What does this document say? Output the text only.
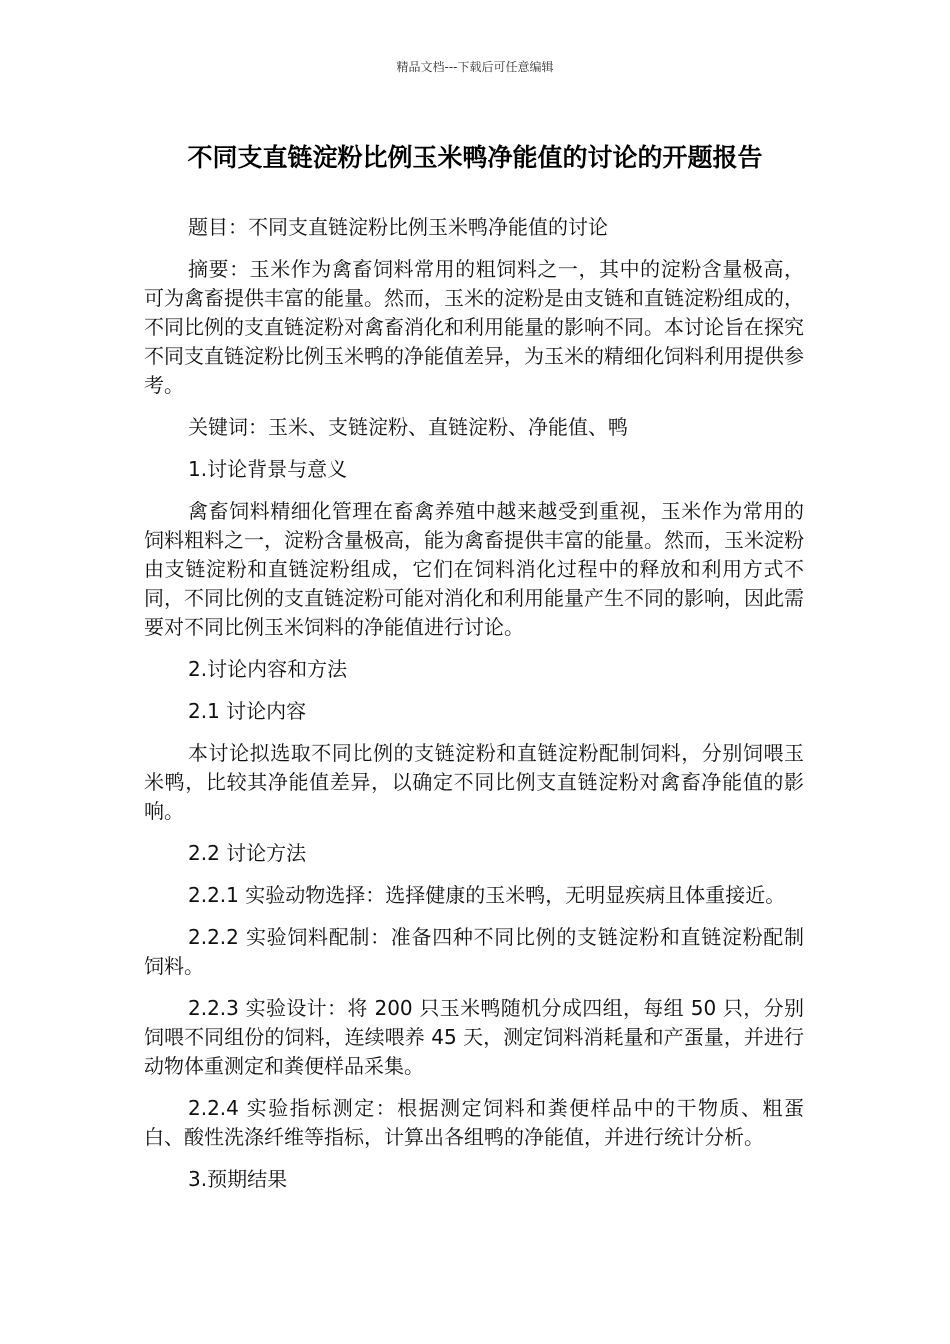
精品文档---下载后可任意编辑
不同支直链淀粉比例玉米鸭净能值的讨论的开题报告

题目：不同支直链淀粉比例玉米鸭净能值的讨论

摘要：玉米作为禽畜饲料常用的粗饲料之一，其中的淀粉含量极高，可为禽畜提供丰富的能量。然而，玉米的淀粉是由支链和直链淀粉组成的，不同比例的支直链淀粉对禽畜消化和利用能量的影响不同。本讨论旨在探究不同支直链淀粉比例玉米鸭的净能值差异，为玉米的精细化饲料利用提供参考。

关键词：玉米、支链淀粉、直链淀粉、净能值、鸭

1.讨论背景与意义

禽畜饲料精细化管理在畜禽养殖中越来越受到重视，玉米作为常用的饲料粗料之一，淀粉含量极高，能为禽畜提供丰富的能量。然而，玉米淀粉由支链淀粉和直链淀粉组成，它们在饲料消化过程中的释放和利用方式不同，不同比例的支直链淀粉可能对消化和利用能量产生不同的影响，因此需要对不同比例玉米饲料的净能值进行讨论。

2.讨论内容和方法

2.1 讨论内容

本讨论拟选取不同比例的支链淀粉和直链淀粉配制饲料，分别饲喂玉米鸭，比较其净能值差异，以确定不同比例支直链淀粉对禽畜净能值的影响。

2.2 讨论方法

2.2.1 实验动物选择：选择健康的玉米鸭，无明显疾病且体重接近。

2.2.2 实验饲料配制：准备四种不同比例的支链淀粉和直链淀粉配制饲料。

2.2.3 实验设计：将 200 只玉米鸭随机分成四组，每组 50 只，分别饲喂不同组份的饲料，连续喂养 45 天，测定饲料消耗量和产蛋量，并进行动物体重测定和粪便样品采集。

2.2.4 实验指标测定：根据测定饲料和粪便样品中的干物质、粗蛋白、酸性洗涤纤维等指标，计算出各组鸭的净能值，并进行统计分析。

3.预期结果
